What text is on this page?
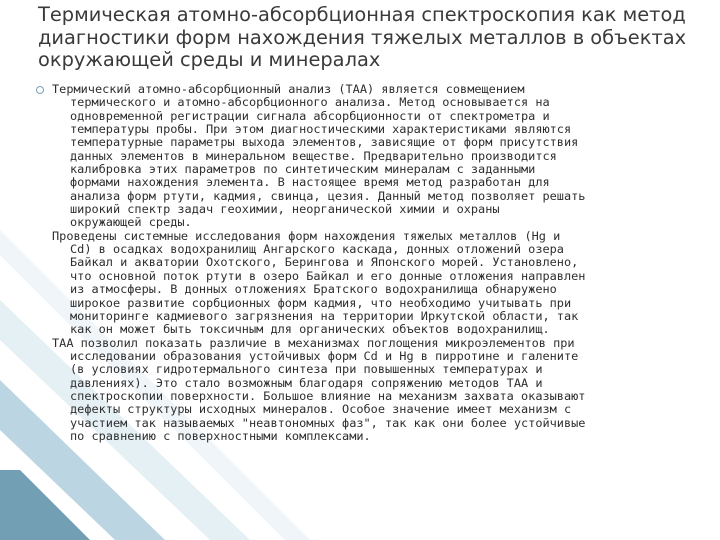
Термическая атомно-абсорбционная спектроскопия как метод
диагностики форм нахождения тяжелых металлов в объектах
окружающей среды и минералах
Термический атомно-абсорбционный анализ (ТАА) является совмещением
термического и атомно-абсорбционного анализа. Метод основывается на
одновременной регистрации сигнала абсорбционности от спектрометра и
температуры пробы. При этом диагностическими характеристиками являются
температурные параметры выхода элементов, зависящие от форм присутствия
данных элементов в минеральном веществе. Предварительно производится
калибровка этих параметров по синтетическим минералам с заданными
формами нахождения элемента. В настоящее время метод разработан для
анализа форм ртути, кадмия, свинца, цезия. Данный метод позволяет решать
широкий спектр задач геохимии, неорганической химии и охраны
окружающей среды.
Проведены системные исследования форм нахождения тяжелых металлов (Hg и
Cd) в осадках водохранилищ Ангарского каскада, донных отложений озера
Байкал и акватории Охотского, Берингова и Японского морей. Установлено,
что основной поток ртути в озеро Байкал и его донные отложения направлен
из атмосферы. В донных отложениях Братского водохранилища обнаружено
широкое развитие сорбционных форм кадмия, что необходимо учитывать при
мониторинге кадмиевого загрязнения на территории Иркутской области, так
как он может быть токсичным для органических объектов водохранилищ.
ТАА позволил показать различие в механизмах поглощения микроэлементов при
исследовании образования устойчивых форм Cd и Hg в пирротине и галените
(в условиях гидротермального синтеза при повышенных температурах и
давлениях). Это стало возможным благодаря сопряжению методов ТАА и
спектроскопии поверхности. Большое влияние на механизм захвата оказывают
дефекты структуры исходных минералов. Особое значение имеет механизм с
участием так называемых "неавтономных фаз", так как они более устойчивые
по сравнению с поверхностными комплексами.
